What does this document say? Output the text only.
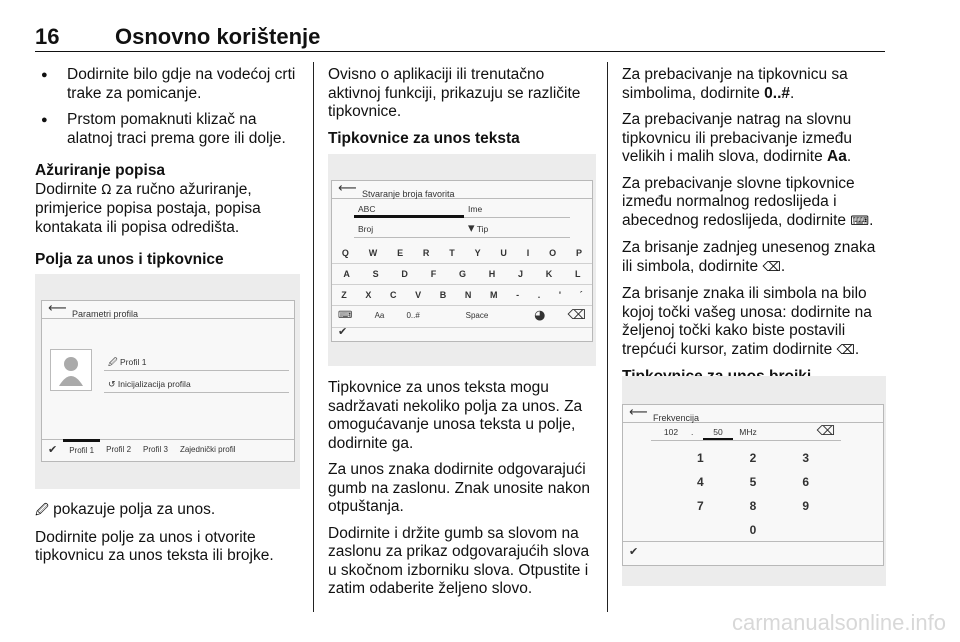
16	Osnovno korištenje
● Dodirnite bilo gdje na vodećoj crti trake za pomicanje.
● Prstom pomaknuti klizač na alatnoj traci prema gore ili dolje.

Ažuriranje popisa

Dodirnite Ω za ručno ažuriranje, primjerice popisa postaja, popisa kontakata ili popisa odredišta.

Polja za unos i tipkovnice

⟵ Parametri profila
🖉 Profil 1
↺ Inicijalizacija profila
✔	Profil 1	Profil 2	Profil 3	Zajednički profil

🖉 pokazuje polja za unos.

Dodirnite polje za unos i otvorite tipkovnicu za unos teksta ili brojke.

Ovisno o aplikaciji ili trenutačno aktivnoj funkciji, prikazuju se različite tipkovnice.

Tipkovnice za unos teksta

⟵ Stvaranje broja favorita
ABC	Ime
Broj	▾ Tip
Q W E R T Y U I O P
A	S	D	F	G	H	J	K	L
Z X C V B N M - . ' ´
⌨	Aa	0..#	Space	◕ ⌫
✔

Tipkovnice za unos teksta mogu sadržavati nekoliko polja za unos. Za omogućavanje unosa teksta u polje, dodirnite ga.

Za unos znaka dodirnite odgovarajući gumb na zaslonu. Znak unosite nakon otpuštanja.

Dodirnite i držite gumb sa slovom na zaslonu za prikaz odgovarajućih slova u skočnom izborniku slova. Otpustite i zatim odaberite željeno slovo.

Za prebacivanje na tipkovnicu sa simbolima, dodirnite 0..#.

Za prebacivanje natrag na slovnu tipkovnicu ili prebacivanje između velikih i malih slova, dodirnite Aa.

Za prebacivanje slovne tipkovnice između normalnog redoslijeda i abecednog redoslijeda, dodirnite ⌨.

Za brisanje zadnjeg unesenog znaka ili simbola, dodirnite ⌫.

Za brisanje znaka ili simbola na bilo kojoj točki vašeg unosa: dodirnite na željenoj točki kako biste postavili trepćući kursor, zatim dodirnite ⌫.

⟵ Frekvencija
102	.	50	MHz	⌫
1	2	3
4	5	6
7	8	9
0
✔
carmanualsonline.info
